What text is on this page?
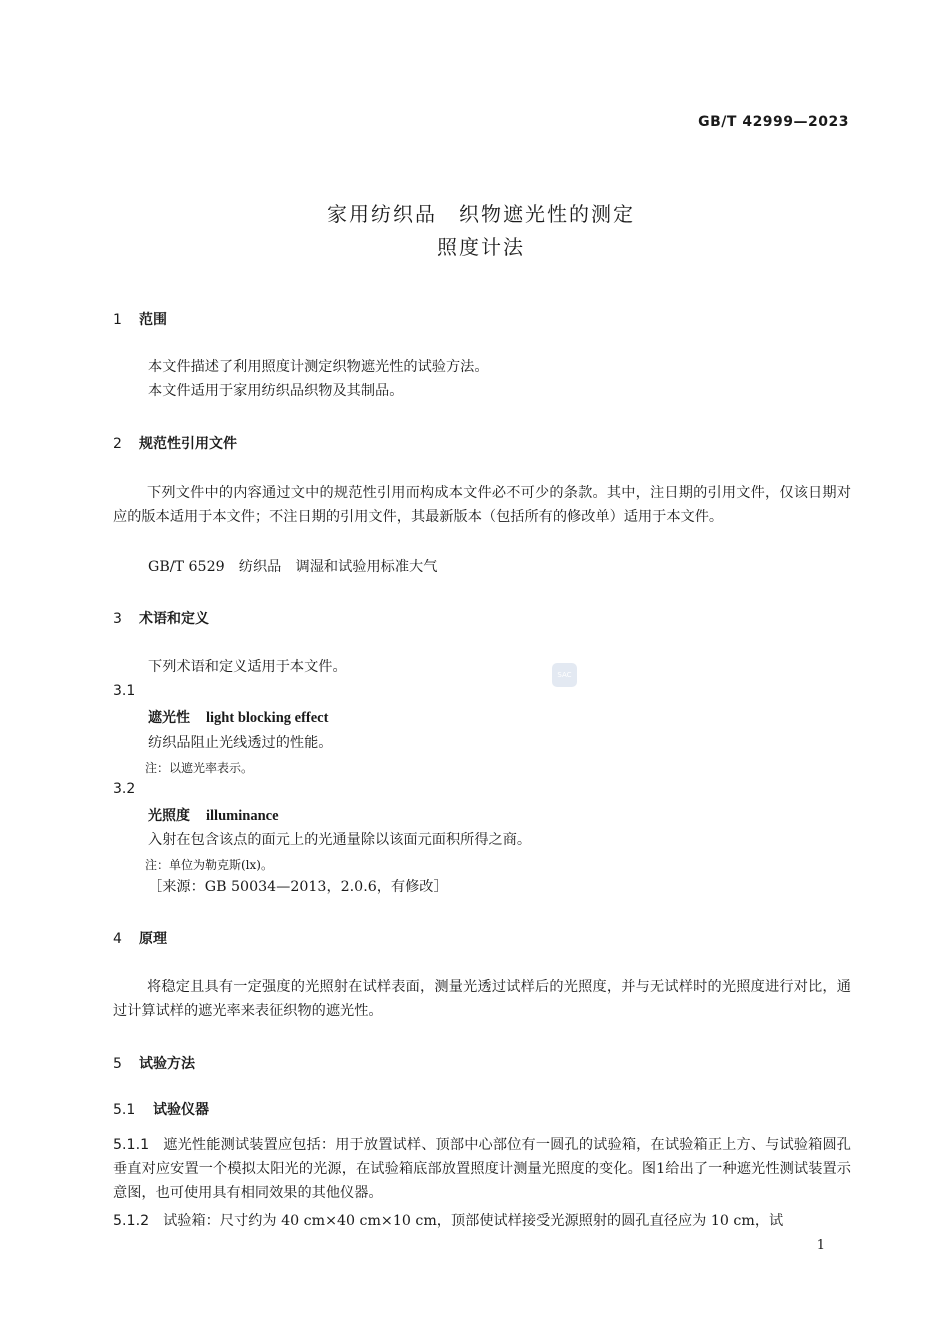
GB/T 42999—2023
家用纺织品　织物遮光性的测定
照度计法
1 范围
本文件描述了利用照度计测定织物遮光性的试验方法。
本文件适用于家用纺织品织物及其制品。
2 规范性引用文件
下列文件中的内容通过文中的规范性引用而构成本文件必不可少的条款。其中，注日期的引用文件，仅该日期对应的版本适用于本文件；不注日期的引用文件，其最新版本（包括所有的修改单）适用于本文件。
GB/T 6529　纺织品　调湿和试验用标准大气
3 术语和定义
下列术语和定义适用于本文件。	SAC
3.1
遮光性 light blocking effect
纺织品阻止光线透过的性能。
注：以遮光率表示。
3.2
光照度 illuminance
入射在包含该点的面元上的光通量除以该面元面积所得之商。
注：单位为勒克斯(lx)。
［来源：GB 50034—2013，2.0.6，有修改］
4 原理
将稳定且具有一定强度的光照射在试样表面，测量光透过试样后的光照度，并与无试样时的光照度进行对比，通过计算试样的遮光率来表征织物的遮光性。
5 试验方法
5.1 试验仪器
5.1.1 遮光性能测试装置应包括：用于放置试样、顶部中心部位有一圆孔的试验箱，在试验箱正上方、与试验箱圆孔垂直对应安置一个模拟太阳光的光源，在试验箱底部放置照度计测量光照度的变化。图1给出了一种遮光性测试装置示意图，也可使用具有相同效果的其他仪器。
5.1.2 试验箱：尺寸约为 40 cm×40 cm×10 cm，顶部使试样接受光源照射的圆孔直径应为 10 cm，试
1
